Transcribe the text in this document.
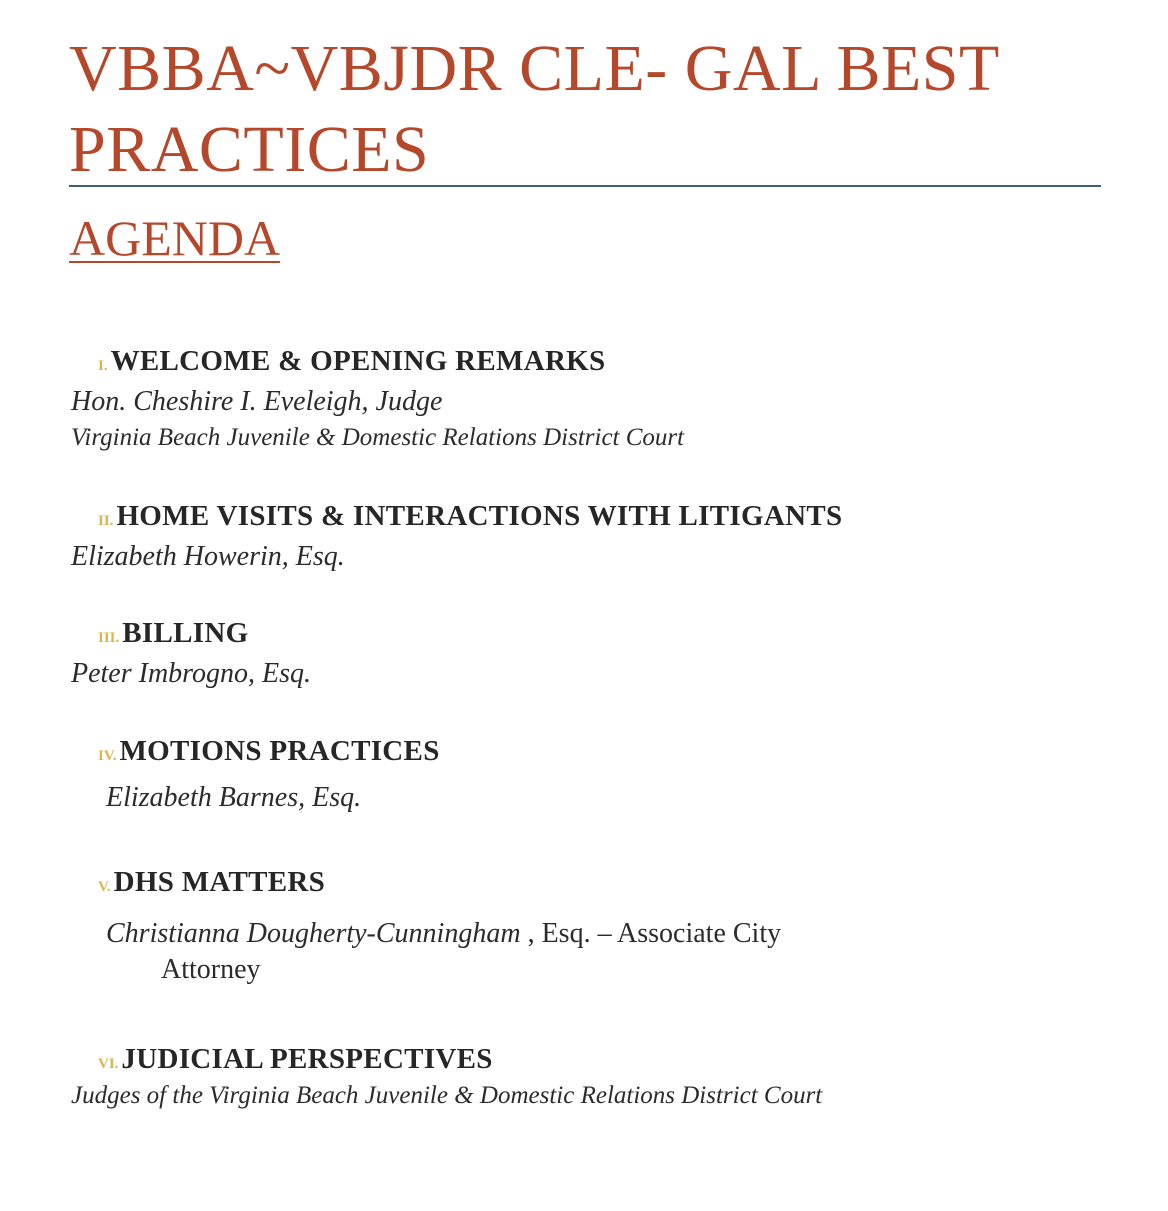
VBBA~VBJDR CLE- GAL BEST PRACTICES
AGENDA
I. WELCOME & OPENING REMARKS
Hon. Cheshire I. Eveleigh, Judge
Virginia Beach Juvenile & Domestic Relations District Court
II. HOME VISITS & INTERACTIONS WITH LITIGANTS
Elizabeth Howerin, Esq.
III. BILLING
Peter Imbrogno, Esq.
IV. MOTIONS PRACTICES
Elizabeth Barnes, Esq.
V. DHS MATTERS
Christianna Dougherty-Cunningham , Esq. – Associate City
Attorney
VI. JUDICIAL PERSPECTIVES
Judges of the Virginia Beach Juvenile & Domestic Relations District Court
